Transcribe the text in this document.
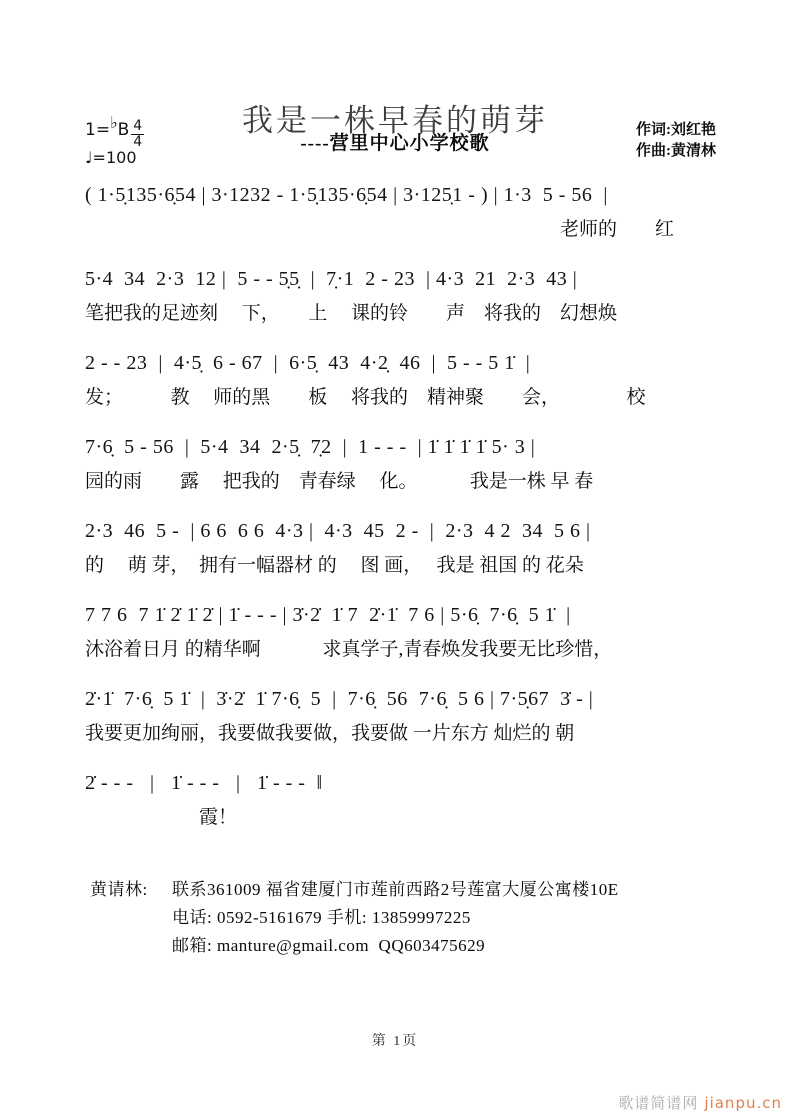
我是一株早春的萌芽
1= ♭ B $\frac{4}{4}$
♩=100
----营里中心小学校歌
作词:刘红艳
作曲:黄清林
( 1·5̣135·6̣54 | 3·1232 - 1·5̣135·6̣54 | 3·125̣1 - ) | 1·3  5 - 56  |
　　　　　　　　　　　　　　　　　　　　　　　　　老师的　　红
5·4  34  2·3  12 |  5 - - 5̣5̣  |  7̣·1  2 - 23  | 4·3  21  2·3  43 |
笔把我的足迹刻　 下，　　上　 课的铃　　声　将我的　幻想焕
2 - - 23  |  4·5̣  6 - 67  |  6·5̣  43  4·2̣  46  |  5 - - 5 1̇  |
发；　　　教　 师的黑　　板　 将我的　精神聚　　会，　　　　校
7·6̣  5 - 56  |  5·4  34  2·5̣  7̣2  |  1 - - -  | 1̇ 1̇ 1̇ 1̇ 5· 3 |
园的雨　　露　 把我的　青春绿　 化。　　　 我是一株 早 春
2·3  46  5 -  | 6 6  6 6  4·3 |  4·3  45  2 -  |  2·3  4 2  34  5 6 |
的　 萌 芽，　拥有一幅器材 的　 图 画，　 我是 祖国 的 花朵
7 7 6  7 1̇ 2̇ 1̇ 2̇ | 1̇ - - - | 3̇·2̇  1̇ 7  2̇·1̇  7 6 | 5·6̣  7·6̣  5 1̇  |
沐浴着日月 的精华啊　　　 求真学子,青春焕发我要无比珍惜，
2̇·1̇  7·6̣  5 1̇  |  3̇·2̇  1̇ 7·6̣  5  |  7·6̣  56  7·6̣  5 6 | 7·5̣67  3̇ - |
我要更加绚丽，我要做我要做，我要做 一片东方 灿烂的 朝
2̇ - - -   |   1̇ - - -   |   1̇ - - -  ‖
　　　　　　霞！
黄请林:	联系361009 福省建厦门市莲前西路2号莲富大厦公寓楼10E
电话: 0592-5161679 手机: 13859997225
邮箱: manture@gmail.com  QQ603475629
第 1页
歌谱简谱网 jianpu.cn
